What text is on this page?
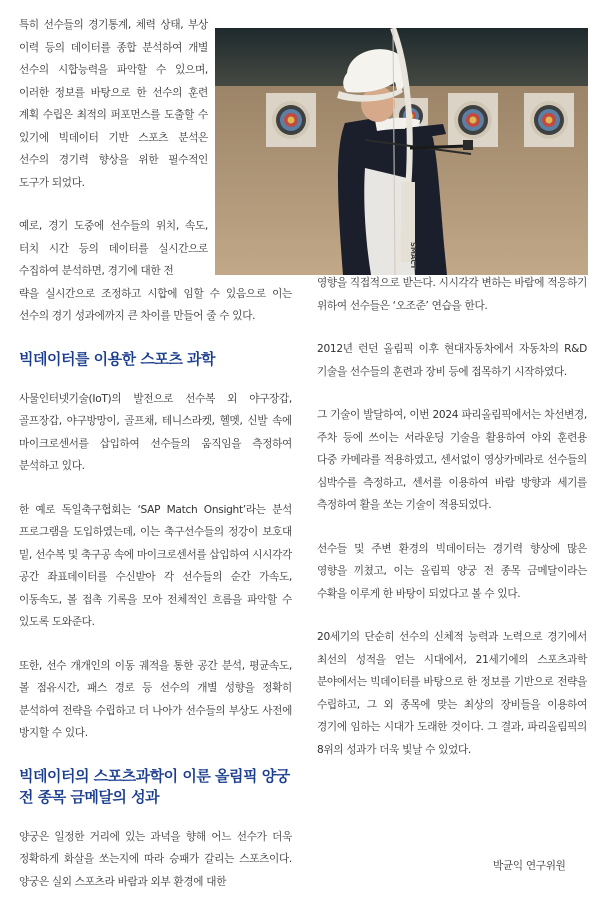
SMACT

특히 선수들의 경기통계, 체력 상태, 부상 이력 등의 데이터를 종합 분석하여 개별 선수의 시합능력을 파악할 수 있으며, 이러한 정보를 바탕으로 한 선수의 훈련 계획 수립은 최적의 퍼포먼스를 도출할 수 있기에 빅데이터 기반 스포츠 분석은 선수의 경기력 향상을 위한 필수적인 도구가 되었다.

예로, 경기 도중에 선수들의 위치, 속도, 터치 시간 등의 데이터를 실시간으로 수집하여 분석하면, 경기에 대한 전

략을 실시간으로 조정하고 시합에 임할 수 있음으로 이는 선수의 경기 성과에까지 큰 차이를 만들어 줄 수 있다.

빅데이터를 이용한 스포츠 과학

사물인터넷기술(IoT)의 발전으로 선수복 외 야구장갑, 골프장갑, 야구방망이, 골프채, 테니스라켓, 헬멧, 신발 속에 마이크로센서를 삽입하여 선수들의 움직임을 측정하여 분석하고 있다.

한 예로 독일축구협회는 ‘SAP Match Onsight’라는 분석 프로그램을 도입하였는데, 이는 축구선수들의 정강이 보호대 밑, 선수복 및 축구공 속에 마이크로센서를 삽입하여 시시각각 공간 좌표데이터를 수신받아 각 선수들의 순간 가속도, 이동속도, 볼 접촉 기록을 모아 전체적인 흐름을 파악할 수 있도록 도와준다.

또한, 선수 개개인의 이동 궤적을 통한 공간 분석, 평균속도, 볼 점유시간, 패스 경로 등 선수의 개별 성향을 정확히 분석하여 전략을 수립하고 더 나아가 선수들의 부상도 사전에 방지할 수 있다.

빅데이터의 스포츠과학이 이룬 올림픽 양궁 전 종목 금메달의 성과

양궁은 일정한 거리에 있는 과녁을 향해 어느 선수가 더욱 정확하게 화살을 쏘는지에 따라 승패가 갈리는 스포츠이다. 양궁은 실외 스포츠라 바람과 외부 환경에 대한

영향을 직접적으로 받는다. 시시각각 변하는 바람에 적응하기 위하여 선수들은 ‘오조준’ 연습을 한다.

2012년 런던 올림픽 이후 현대자동차에서 자동차의 R&D 기술을 선수들의 훈련과 장비 등에 접목하기 시작하였다.

그 기술이 발달하여, 이번 2024 파리올림픽에서는 차선변경, 주차 등에 쓰이는 서라운딩 기술을 활용하여 야외 훈련용 다중 카메라를 적용하였고, 센서없이 영상카메라로 선수들의 심박수를 측정하고, 센서를 이용하여 바람 방향과 세기를 측정하여 활을 쏘는 기술이 적용되었다.

선수들 및 주변 환경의 빅데이터는 경기력 향상에 많은 영향을 끼쳤고, 이는 올림픽 양궁 전 종목 금메달이라는 수확을 이루게 한 바탕이 되었다고 볼 수 있다.

20세기의 단순히 선수의 신체적 능력과 노력으로 경기에서 최선의 성적을 얻는 시대에서, 21세기에의 스포츠과학 분야에서는 빅데이터를 바탕으로 한 정보를 기반으로 전략을 수립하고, 그 외 종목에 맞는 최상의 장비들을 이용하여 경기에 임하는 시대가 도래한 것이다. 그 결과, 파리올림픽의 8위의 성과가 더욱 빛날 수 있었다.

박균익 연구위원
